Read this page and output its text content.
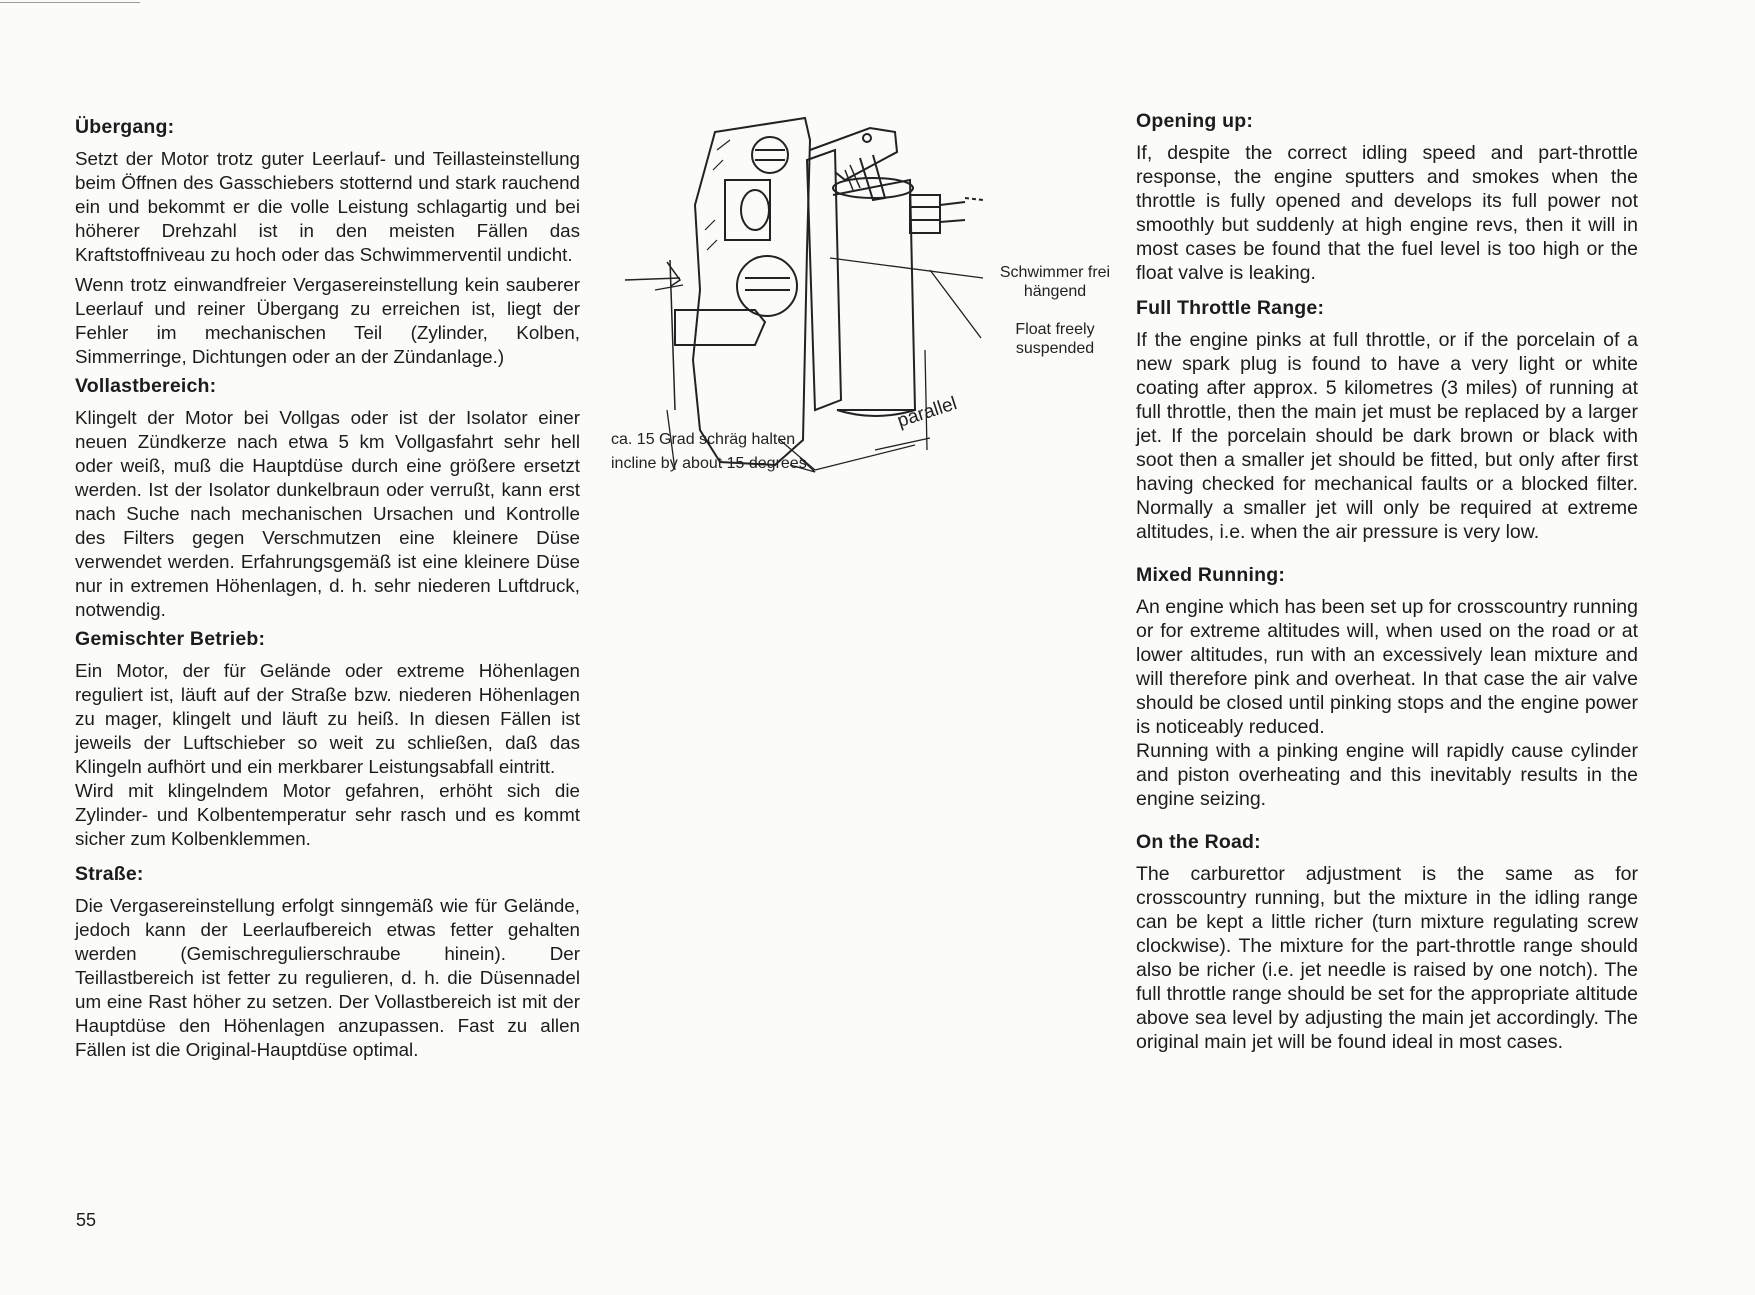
Übergang:

Setzt der Motor trotz guter Leerlauf- und Teillasteinstellung beim Öffnen des Gasschiebers stotternd und stark rauchend ein und bekommt er die volle Leistung schlagartig und bei höherer Drehzahl ist in den meisten Fällen das Kraftstoffniveau zu hoch oder das Schwimmerventil undicht.

Wenn trotz einwandfreier Vergasereinstellung kein sauberer Leerlauf und reiner Übergang zu erreichen ist, liegt der Fehler im mechanischen Teil (Zylinder, Kolben, Simmerringe, Dichtungen oder an der Zündanlage.)

Vollastbereich:

Klingelt der Motor bei Vollgas oder ist der Isolator einer neuen Zündkerze nach etwa 5 km Vollgasfahrt sehr hell oder weiß, muß die Hauptdüse durch eine größere ersetzt werden. Ist der Isolator dunkelbraun oder verrußt, kann erst nach Suche nach mechanischen Ursachen und Kontrolle des Filters gegen Verschmutzen eine kleinere Düse verwendet werden. Erfahrungsgemäß ist eine kleinere Düse nur in extremen Höhenlagen, d. h. sehr niederen Luftdruck, notwendig.

Gemischter Betrieb:

Ein Motor, der für Gelände oder extreme Höhenlagen reguliert ist, läuft auf der Straße bzw. niederen Höhenlagen zu mager, klingelt und läuft zu heiß. In diesen Fällen ist jeweils der Luftschieber so weit zu schließen, daß das Klingeln aufhört und ein merkbarer Leistungsabfall eintritt.

Wird mit klingelndem Motor gefahren, erhöht sich die Zylinder- und Kolbentemperatur sehr rasch und es kommt sicher zum Kolbenklemmen.

Straße:

Die Vergasereinstellung erfolgt sinngemäß wie für Gelände, jedoch kann der Leerlaufbereich etwas fetter gehalten werden (Gemischregulierschraube hinein). Der Teillastbereich ist fetter zu regulieren, d. h. die Düsennadel um eine Rast höher zu setzen. Der Vollastbereich ist mit der Hauptdüse den Höhenlagen anzupassen. Fast zu allen Fällen ist die Original-Hauptdüse optimal.

Schwimmer frei hängend
Float freely suspended
ca. 15 Grad schräg halten
incline by about 15 degrees
parallel
Opening up:

If, despite the correct idling speed and part-throttle response, the engine sputters and smokes when the throttle is fully opened and develops its full power not smoothly but suddenly at high engine revs, then it will in most cases be found that the fuel level is too high or the float valve is leaking.

Full Throttle Range:

If the engine pinks at full throttle, or if the porcelain of a new spark plug is found to have a very light or white coating after approx. 5 kilometres (3 miles) of running at full throttle, then the main jet must be replaced by a larger jet. If the porcelain should be dark brown or black with soot then a smaller jet should be fitted, but only after first having checked for mechanical faults or a blocked filter. Normally a smaller jet will only be required at extreme altitudes, i.e. when the air pressure is very low.

Mixed Running:

An engine which has been set up for crosscountry running or for extreme altitudes will, when used on the road or at lower altitudes, run with an excessively lean mixture and will therefore pink and overheat. In that case the air valve should be closed until pinking stops and the engine power is noticeably reduced.

Running with a pinking engine will rapidly cause cylinder and piston overheating and this inevitably results in the engine seizing.

On the Road:

The carburettor adjustment is the same as for crosscountry running, but the mixture in the idling range can be kept a little richer (turn mixture regulating screw clockwise). The mixture for the part-throttle range should also be richer (i.e. jet needle is raised by one notch). The full throttle range should be set for the appropriate altitude above sea level by adjusting the main jet accordingly. The original main jet will be found ideal in most cases.

55
